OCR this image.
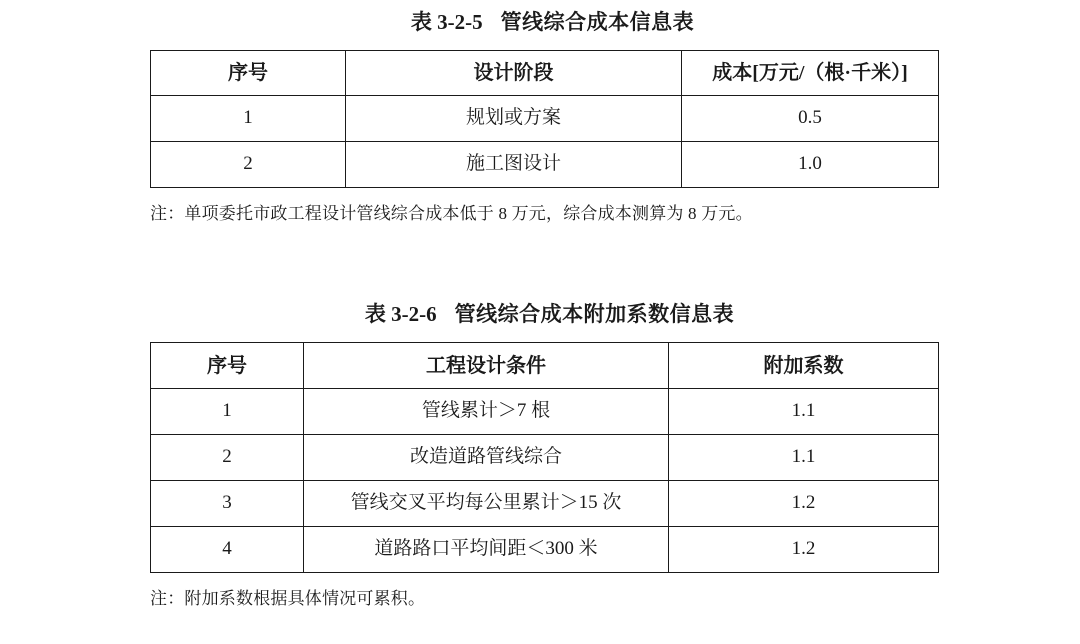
表 3-2-5 管线综合成本信息表
序号	设计阶段	成本[万元/（根·千米）]
1	规划或方案	0.5
2	施工图设计	1.0
注：单项委托市政工程设计管线综合成本低于 8 万元，综合成本测算为 8 万元。
表 3-2-6 管线综合成本附加系数信息表
序号	工程设计条件	附加系数
1	管线累计＞7 根	1.1
2	改造道路管线综合	1.1
3	管线交叉平均每公里累计＞15 次	1.2
4	道路路口平均间距＜300 米	1.2
注：附加系数根据具体情况可累积。
